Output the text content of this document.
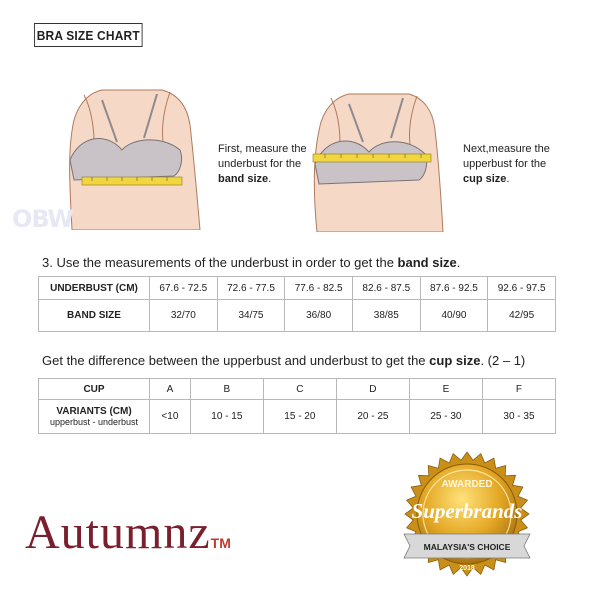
BRA SIZE CHART
First, measure the underbust for the band size.
Next,measure the upperbust for the cup size.
OBW
3. Use the measurements of the underbust in order to get the band size.
UNDERBUST (CM)	67.6 - 72.5	72.6 - 77.5	77.6 - 82.5	82.6 - 87.5	87.6 - 92.5	92.6 - 97.5
BAND SIZE	32/70	34/75	36/80	38/85	40/90	42/95
Get the difference between the upperbust and underbust to get the cup size. (2 – 1)
CUP	A	B	C	D	E	F
VARIANTS (CM)
upperbust - underbust	<10	10 - 15	15 - 20	20 - 25	25 - 30	30 - 35
AutumnzTM
AWARDED
Superbrands
MALAYSIA'S CHOICE
2018
